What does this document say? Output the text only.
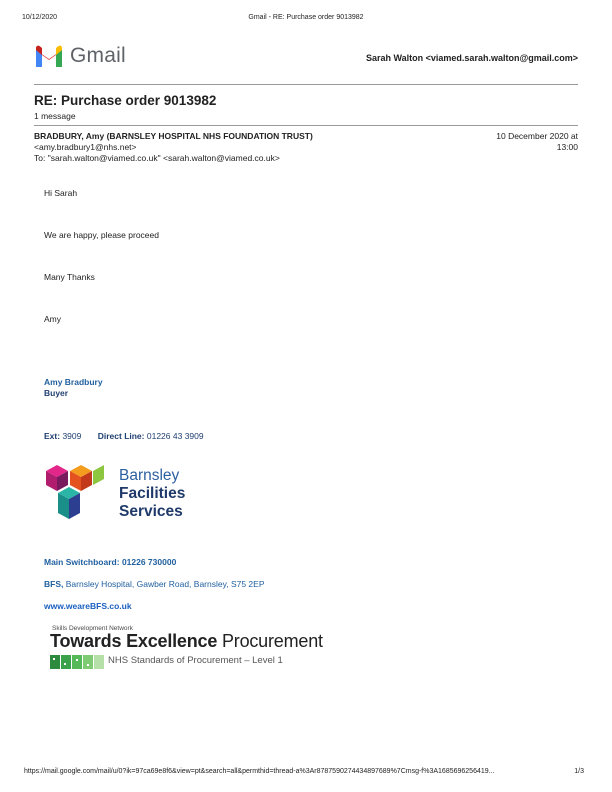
10/12/2020	Gmail - RE: Purchase order 9013982
Gmail	Sarah Walton <viamed.sarah.walton@gmail.com>
RE: Purchase order 9013982
1 message
BRADBURY, Amy (BARNSLEY HOSPITAL NHS FOUNDATION TRUST)
<amy.bradbury1@nhs.net>
To: "sarah.walton@viamed.co.uk" <sarah.walton@viamed.co.uk>
10 December 2020 at
13:00
Hi Sarah
We are happy, please proceed
Many Thanks
Amy
Amy Bradbury
Buyer
Ext: 3909 Direct Line: 01226 43 3909
Barnsley
Facilities
Services
Main Switchboard: 01226 730000
BFS, Barnsley Hospital, Gawber Road, Barnsley, S75 2EP
www.weareBFS.co.uk
Skills Development Network
Towards Excellence Procurement
NHS Standards of Procurement – Level 1
https://mail.google.com/mail/u/0?ik=97ca69e8f6&view=pt&search=all&permthid=thread-a%3Ar8787590274434897689%7Cmsg-f%3A1685696256419...	1/3
